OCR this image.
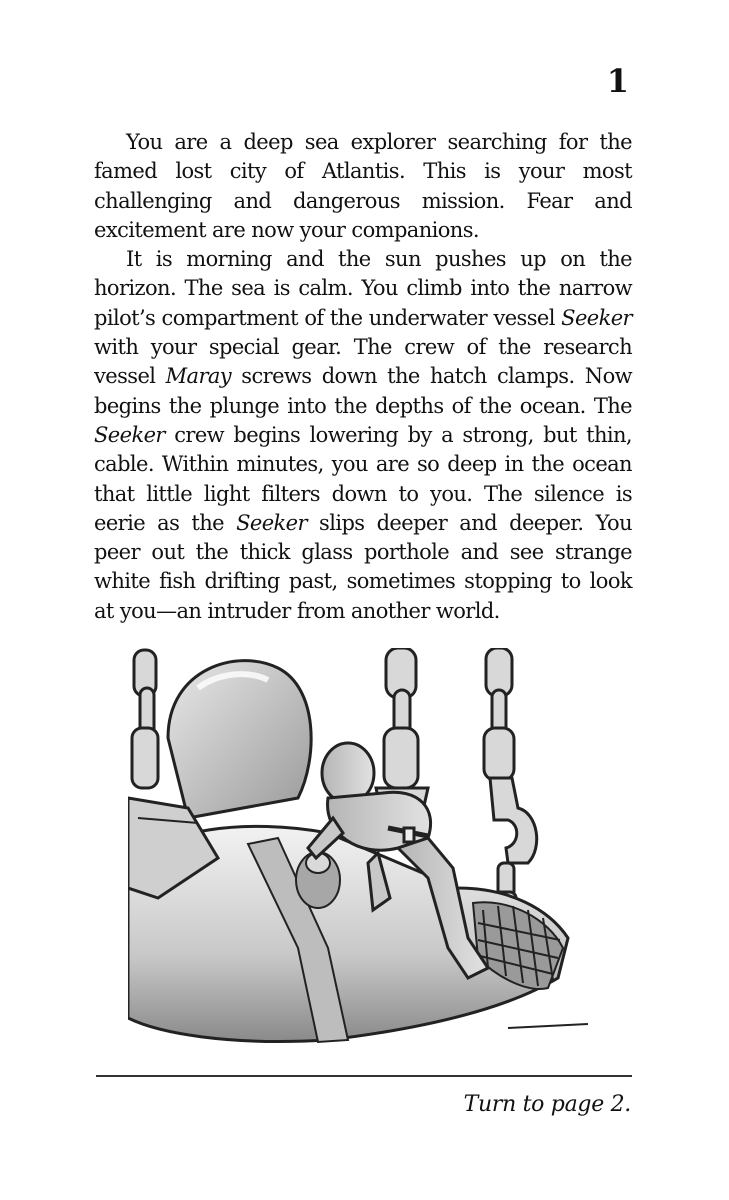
1

You are a deep sea explorer searching for the famed lost city of Atlantis. This is your most challenging and dangerous mission. Fear and excitement are now your companions.

It is morning and the sun pushes up on the horizon. The sea is calm. You climb into the narrow pilot’s compartment of the underwater vessel Seeker with your special gear. The crew of the research vessel Maray screws down the hatch clamps. Now begins the plunge into the depths of the ocean. The Seeker crew begins lowering by a strong, but thin, cable. Within minutes, you are so deep in the ocean that little light filters down to you. The silence is eerie as the Seeker slips deeper and deeper. You peer out the thick glass porthole and see strange white fish drifting past, sometimes stopping to look at you—an intruder from another world.

Turn to page 2.
